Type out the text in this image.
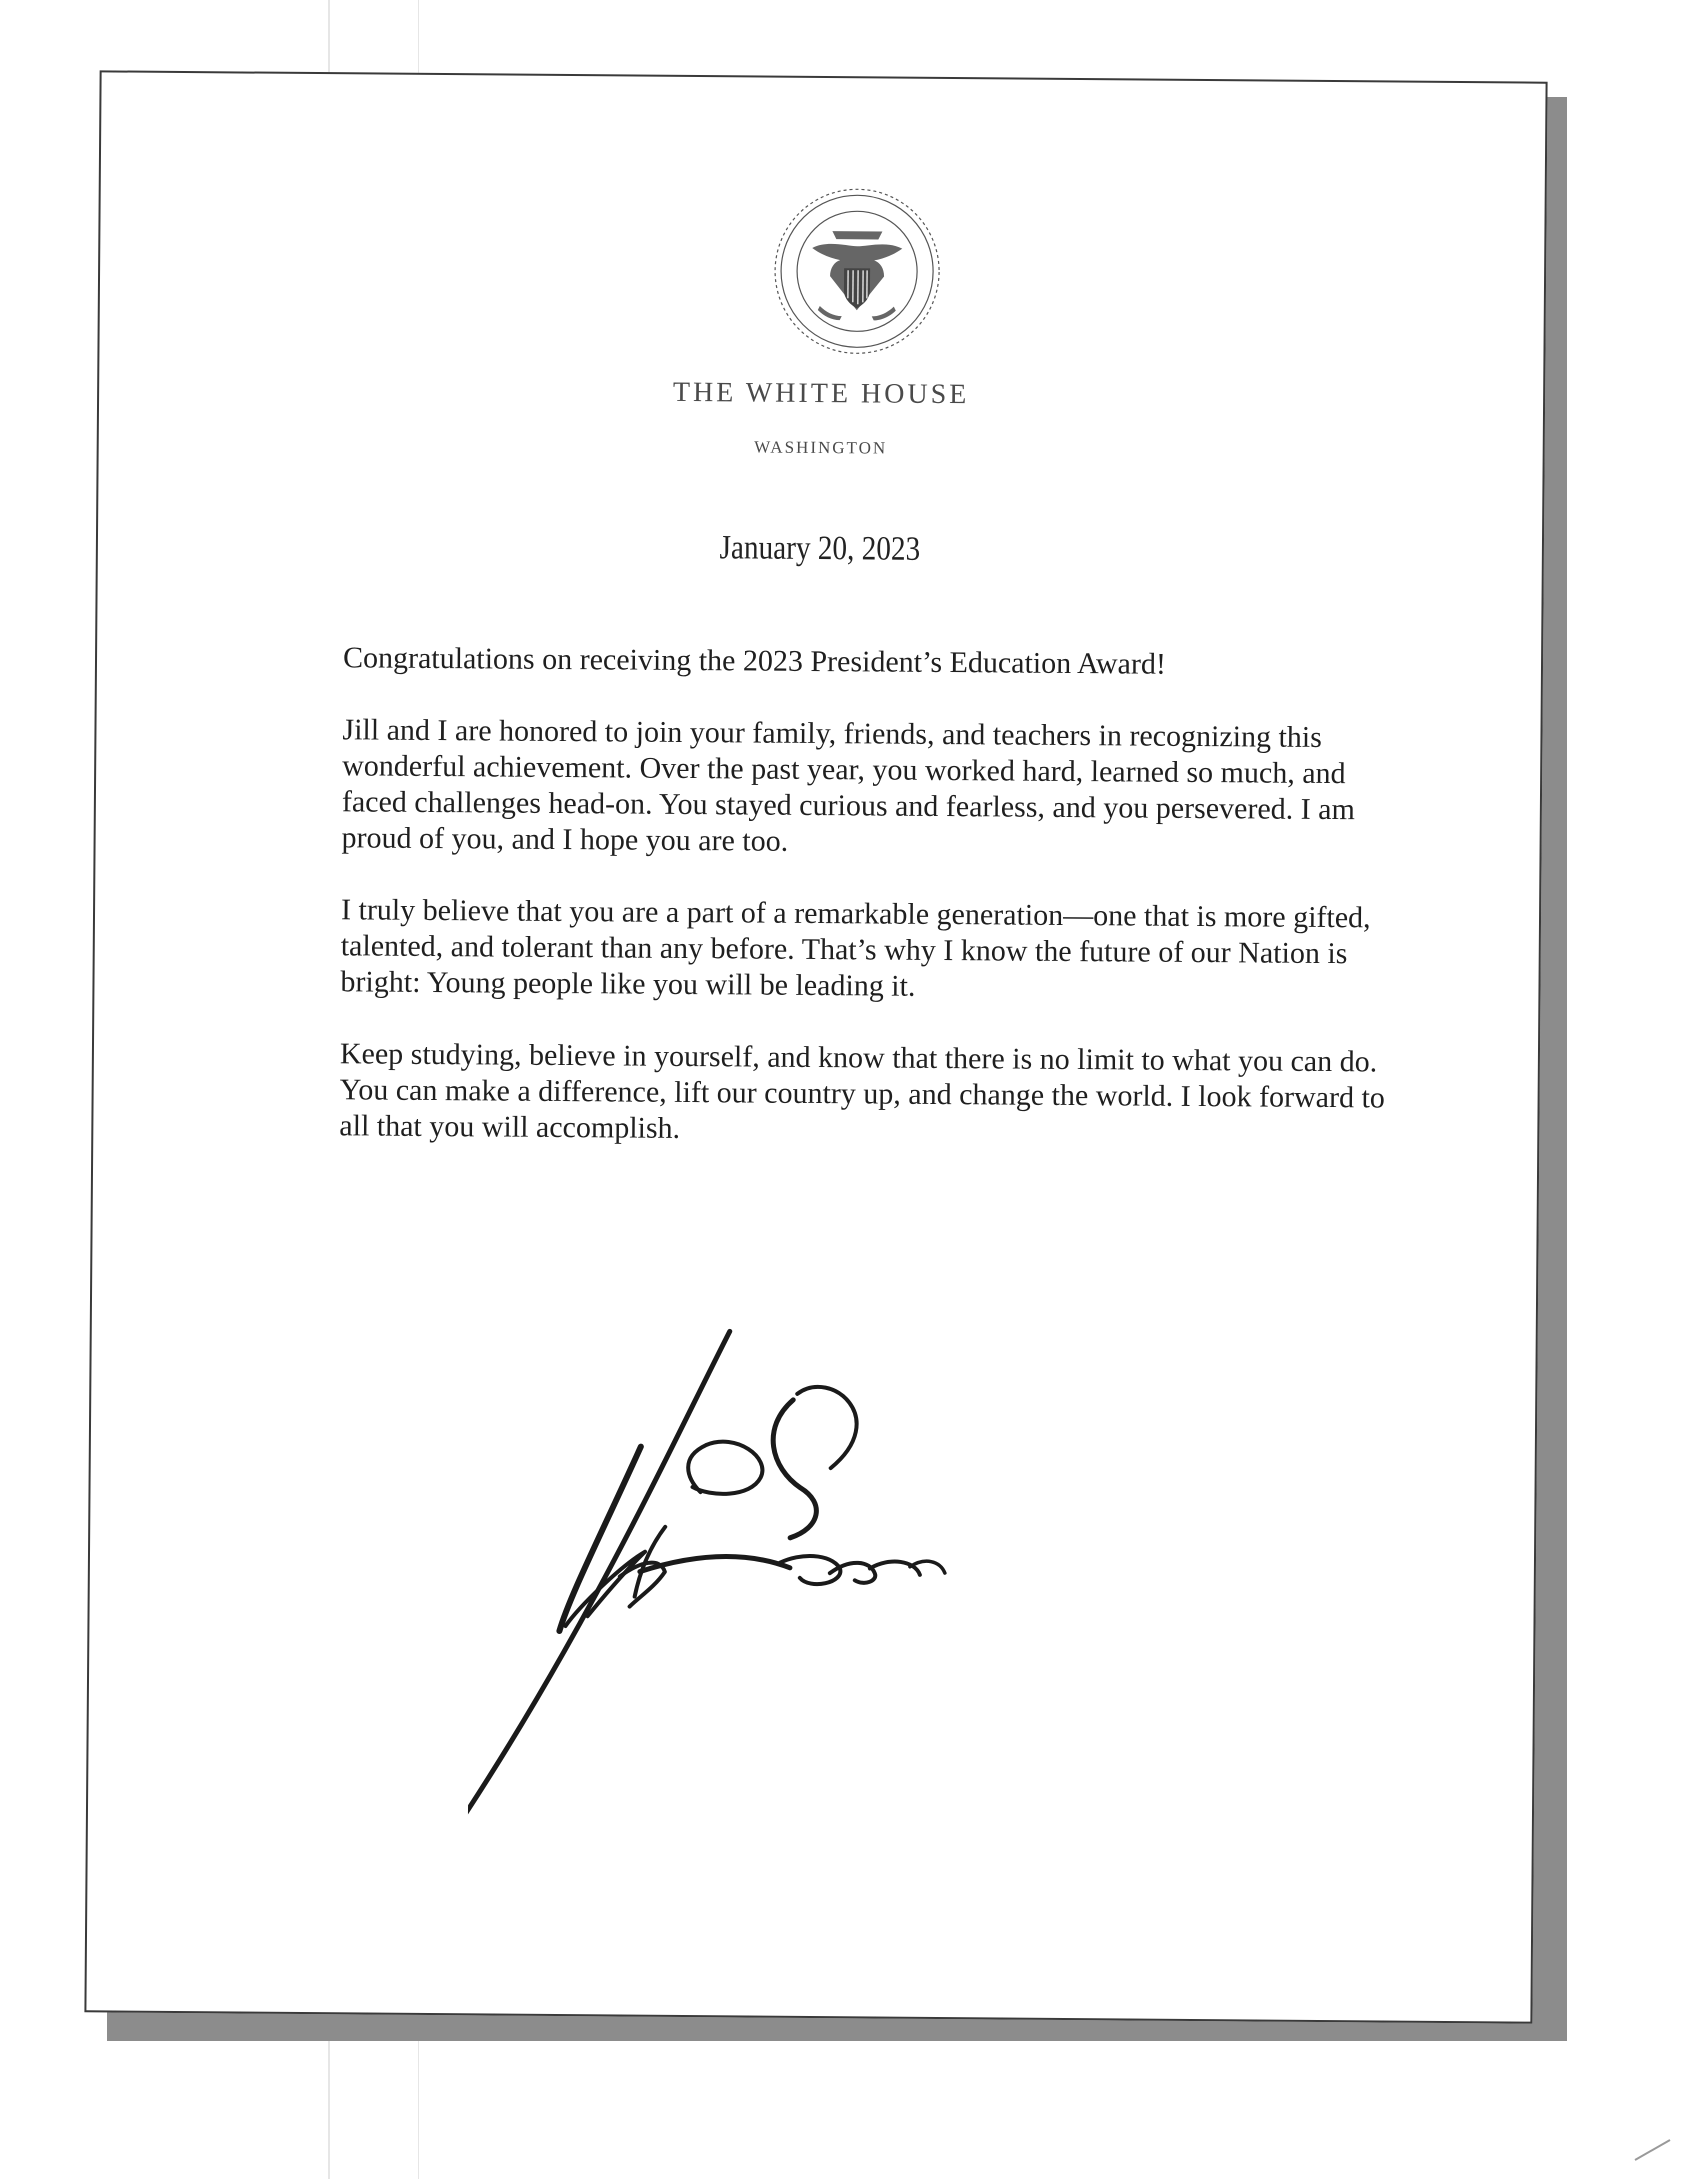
THE WHITE HOUSE
WASHINGTON
January 20, 2023

Congratulations on receiving the 2023 President’s Education Award!

Jill and I are honored to join your family, friends, and teachers in recognizing this wonderful achievement. Over the past year, you worked hard, learned so much, and faced challenges head-on. You stayed curious and fearless, and you persevered. I am proud of you, and I hope you are too.

I truly believe that you are a part of a remarkable generation—one that is more gifted, talented, and tolerant than any before. That’s why I know the future of our Nation is bright: Young people like you will be leading it.

Keep studying, believe in yourself, and know that there is no limit to what you can do. You can make a difference, lift our country up, and change the world. I look forward to all that you will accomplish.
